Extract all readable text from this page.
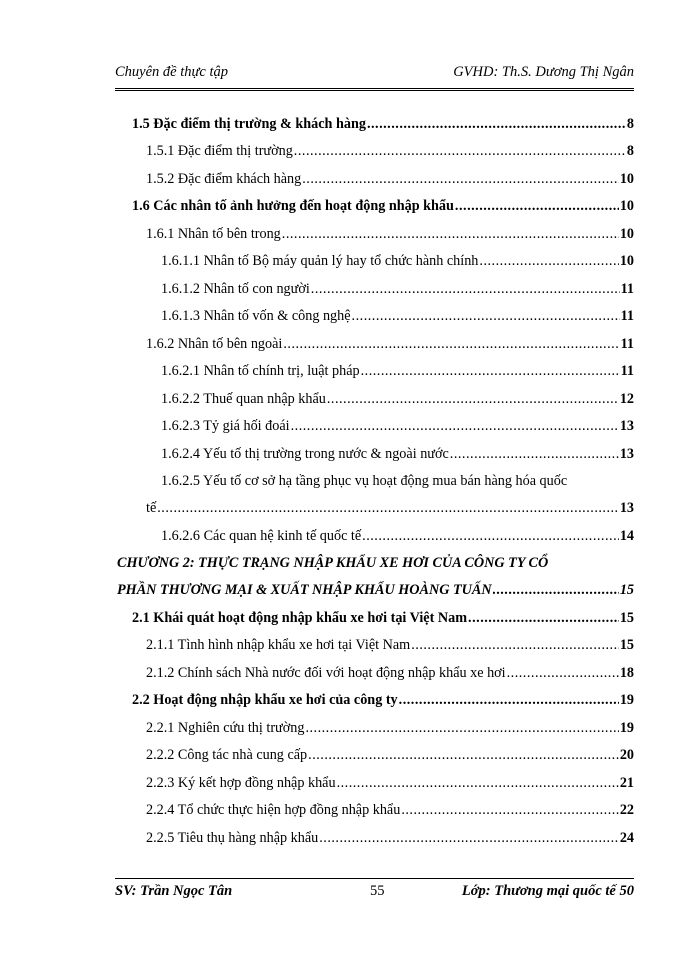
Chuyên đề thực tập	GVHD: Th.S. Dương Thị Ngân
1.5 Đặc điểm thị trường & khách hàng .....	8
1.5.1 Đặc điểm thị trường .....	8
1.5.2 Đặc điểm khách hàng .....	10
1.6 Các nhân tố ảnh hưởng đến hoạt động nhập khẩu .....	10
1.6.1 Nhân tố bên trong .....	10
1.6.1.1 Nhân tố Bộ máy quản lý hay tổ chức hành chính .....	10
1.6.1.2 Nhân tố con người .....	11
1.6.1.3 Nhân tố vốn & công nghệ .....	11
1.6.2 Nhân tố bên ngoài .....	11
1.6.2.1 Nhân tố chính trị, luật pháp .....	11
1.6.2.2 Thuế quan nhập khẩu .....	12
1.6.2.3 Tỷ giá hối đoái .....	13
1.6.2.4 Yếu tố thị trường trong nước & ngoài nước .....	13
1.6.2.5 Yếu tố cơ sở hạ tầng phục vụ hoạt động mua bán hàng hóa quốc
tế .....	13
1.6.2.6 Các quan hệ kinh tế quốc tế .....	14
CHƯƠNG 2: THỰC TRẠNG NHẬP KHẨU XE HƠI CỦA CÔNG TY CỔ
PHẦN THƯƠNG MẠI & XUẤT NHẬP KHẨU HOÀNG TUẤN .....	15
2.1 Khái quát hoạt động nhập khẩu xe hơi tại Việt Nam .....	15
2.1.1 Tình hình nhập khẩu xe hơi tại Việt Nam .....	15
2.1.2 Chính sách Nhà nước đối với hoạt động nhập khẩu xe hơi .....	18
2.2 Hoạt động nhập khẩu xe hơi của công ty .....	19
2.2.1 Nghiên cứu thị trường .....	19
2.2.2 Công tác nhà cung cấp .....	20
2.2.3 Ký kết hợp đồng nhập khẩu .....	21
2.2.4 Tổ chức thực hiện hợp đồng nhập khẩu .....	22
2.2.5 Tiêu thụ hàng nhập khẩu .....	24
SV: Trần Ngọc Tân	55	Lớp: Thương mại quốc tế 50
